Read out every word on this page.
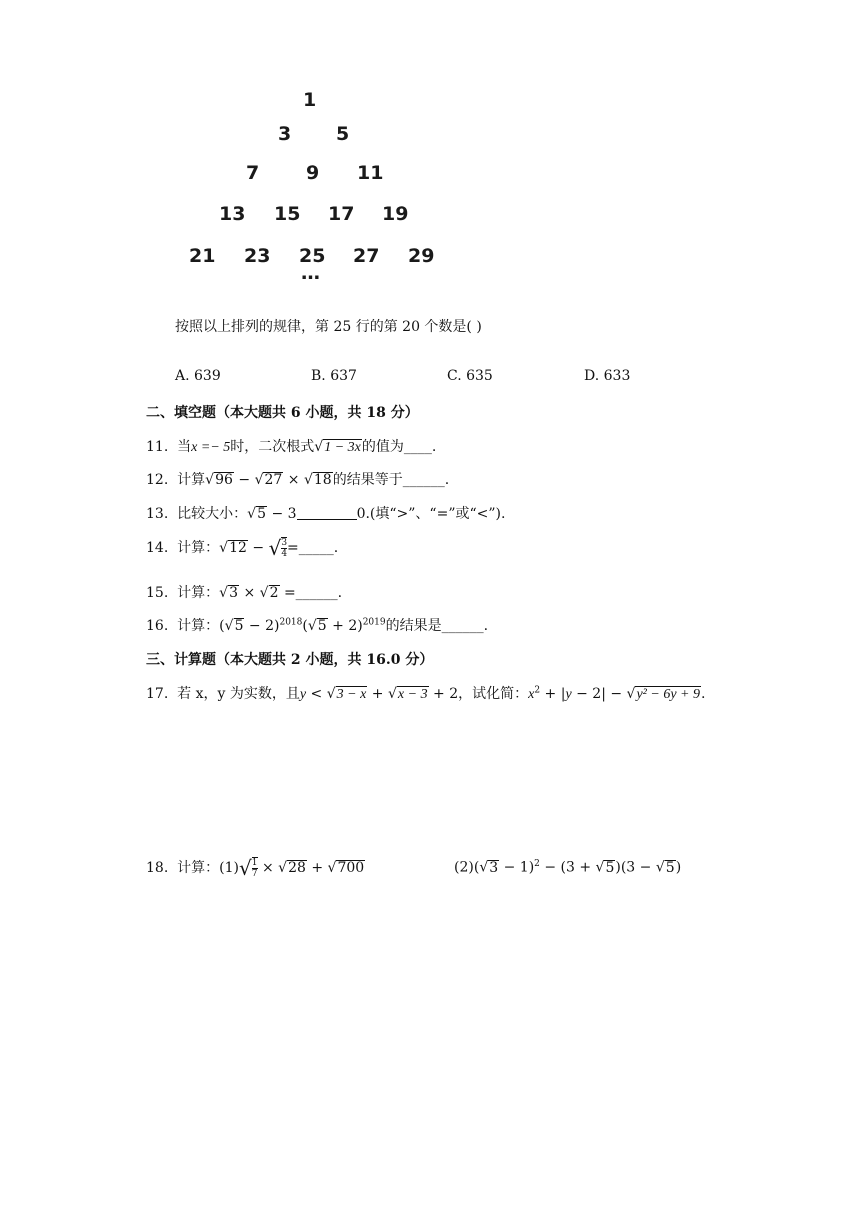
1
3 5
7 9 11
13 15 17 19
21 23 25 27 29
…
按照以上排列的规律，第 25 行的第 20 个数是( )
A. 639	B. 637	C. 635	D. 633
二、填空题（本大题共 6 小题，共 18 分）
11. 当x =− 5时，二次根式√1 − 3x的值为____.
12. 计算√96 − √27 × √18的结果等于______.
13. 比较大小：√5 − 3	0.(填“>”、“=”或“<”).
14. 计算：√12 − √ $\frac{3}{4}$ =_____.
15. 计算：√3 × √2 =______.
16. 计算：$(√5 - 2)^{2018}(√5 + 2)^{2019}$的结果是______.
三、计算题（本大题共 2 小题，共 16.0 分）
17. 若 x，y 为实数，且y < √3 − x + √x − 3 + 2，试化简：$x^2 + |y - 2| - √y^2 - 6y + 9$.
18. 计算：$(1)√ \frac{1}{7} \times √28 + √700$	$(2)(√3 - 1)^2 - (3 + √5)(3 - √5)$
